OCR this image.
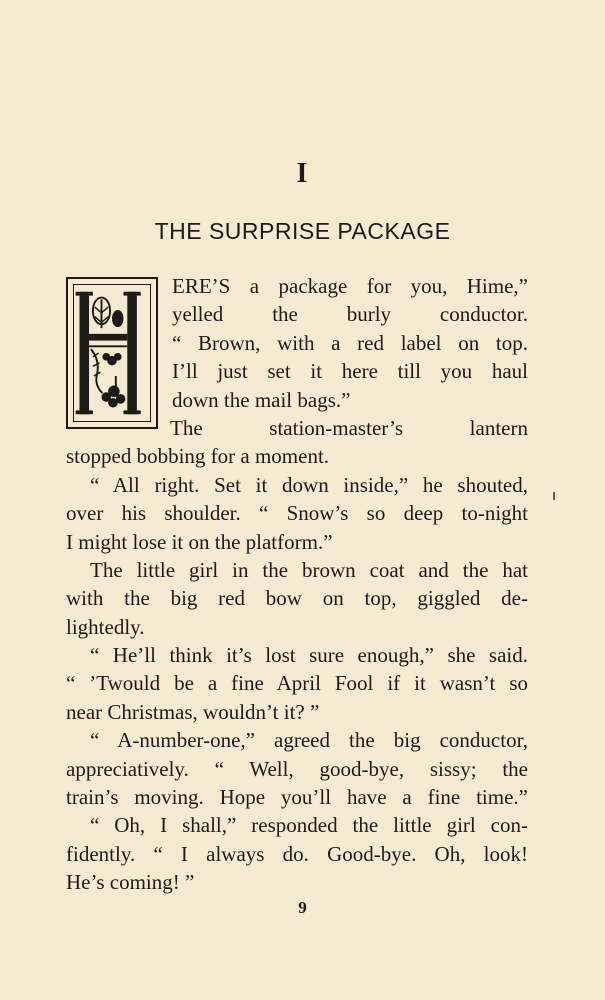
I
THE SURPRISE PACKAGE
ERE’S a package for you, Hime,”
yelled the burly conductor.
“ Brown, with a red label on top.
I’ll just set it here till you haul
down the mail bags.”
The station-master’s lantern
stopped bobbing for a moment.
“ All right. Set it down inside,” he shouted,
over his shoulder. “ Snow’s so deep to-night
I might lose it on the platform.”
The little girl in the brown coat and the hat
with the big red bow on top, giggled de-
lightedly.
“ He’ll think it’s lost sure enough,” she said.
“ ’Twould be a fine April Fool if it wasn’t so
near Christmas, wouldn’t it? ”
“ A-number-one,” agreed the big conductor,
appreciatively. “ Well, good-bye, sissy; the
train’s moving. Hope you’ll have a fine time.”
“ Oh, I shall,” responded the little girl con-
fidently. “ I always do. Good-bye. Oh, look!
He’s coming! ”
9
